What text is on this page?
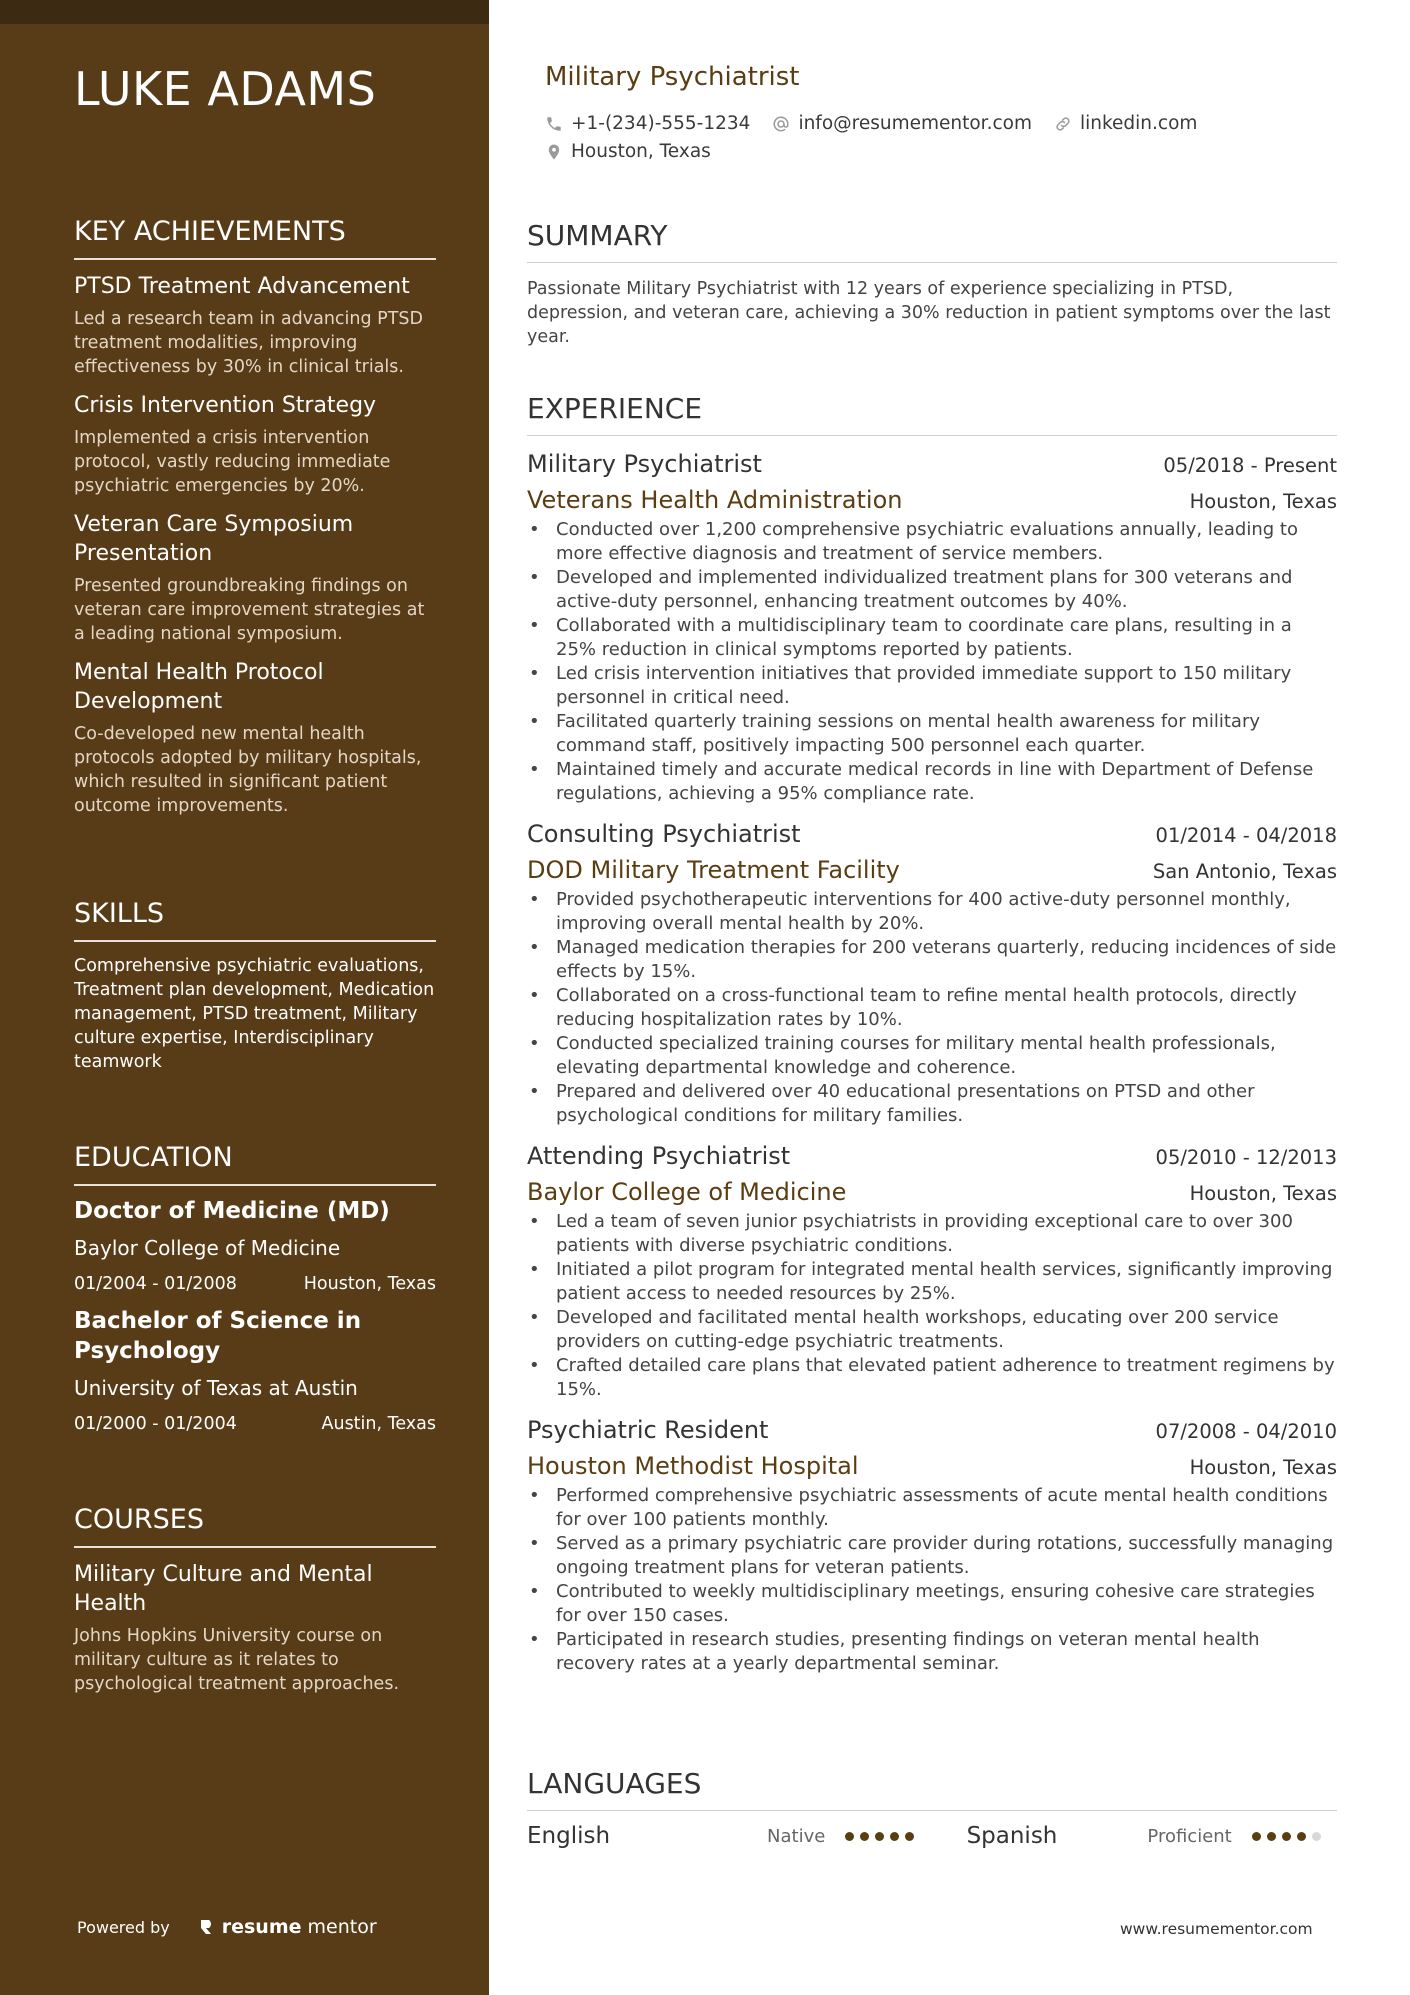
LUKE ADAMS
KEY ACHIEVEMENTS
PTSD Treatment Advancement
Led a research team in advancing PTSD treatment modalities, improving effectiveness by 30% in clinical trials.
Crisis Intervention Strategy
Implemented a crisis intervention protocol, vastly reducing immediate psychiatric emergencies by 20%.
Veteran Care Symposium Presentation
Presented groundbreaking findings on veteran care improvement strategies at a leading national symposium.
Mental Health Protocol Development
Co-developed new mental health protocols adopted by military hospitals, which resulted in significant patient outcome improvements.
SKILLS
Comprehensive psychiatric evaluations, Treatment plan development, Medication management, PTSD treatment, Military culture expertise, Interdisciplinary teamwork
EDUCATION
Doctor of Medicine (MD)
Baylor College of Medicine
01/2004 - 01/2008	Houston, Texas
Bachelor of Science in Psychology
University of Texas at Austin
01/2000 - 01/2004	Austin, Texas
COURSES
Military Culture and Mental Health
Johns Hopkins University course on military culture as it relates to psychological treatment approaches.
Powered by	resume mentor
Military Psychiatrist
+1-(234)-555-1234	info@resumementor.com	linkedin.com
Houston, Texas
SUMMARY
Passionate Military Psychiatrist with 12 years of experience specializing in PTSD, depression, and veteran care, achieving a 30% reduction in patient symptoms over the last year.
EXPERIENCE
Military Psychiatrist	05/2018 - Present
Veterans Health Administration	Houston, Texas
• Conducted over 1,200 comprehensive psychiatric evaluations annually, leading to more effective diagnosis and treatment of service members.
• Developed and implemented individualized treatment plans for 300 veterans and active-duty personnel, enhancing treatment outcomes by 40%.
• Collaborated with a multidisciplinary team to coordinate care plans, resulting in a 25% reduction in clinical symptoms reported by patients.
• Led crisis intervention initiatives that provided immediate support to 150 military personnel in critical need.
• Facilitated quarterly training sessions on mental health awareness for military command staff, positively impacting 500 personnel each quarter.
• Maintained timely and accurate medical records in line with Department of Defense regulations, achieving a 95% compliance rate.
Consulting Psychiatrist	01/2014 - 04/2018
DOD Military Treatment Facility	San Antonio, Texas
• Provided psychotherapeutic interventions for 400 active-duty personnel monthly, improving overall mental health by 20%.
• Managed medication therapies for 200 veterans quarterly, reducing incidences of side effects by 15%.
• Collaborated on a cross-functional team to refine mental health protocols, directly reducing hospitalization rates by 10%.
• Conducted specialized training courses for military mental health professionals, elevating departmental knowledge and coherence.
• Prepared and delivered over 40 educational presentations on PTSD and other psychological conditions for military families.
Attending Psychiatrist	05/2010 - 12/2013
Baylor College of Medicine	Houston, Texas
• Led a team of seven junior psychiatrists in providing exceptional care to over 300 patients with diverse psychiatric conditions.
• Initiated a pilot program for integrated mental health services, significantly improving patient access to needed resources by 25%.
• Developed and facilitated mental health workshops, educating over 200 service providers on cutting-edge psychiatric treatments.
• Crafted detailed care plans that elevated patient adherence to treatment regimens by 15%.
Psychiatric Resident	07/2008 - 04/2010
Houston Methodist Hospital	Houston, Texas
• Performed comprehensive psychiatric assessments of acute mental health conditions for over 100 patients monthly.
• Served as a primary psychiatric care provider during rotations, successfully managing ongoing treatment plans for veteran patients.
• Contributed to weekly multidisciplinary meetings, ensuring cohesive care strategies for over 150 cases.
• Participated in research studies, presenting findings on veteran mental health recovery rates at a yearly departmental seminar.
LANGUAGES
English	Native	Spanish	Proficient
www.resumementor.com
